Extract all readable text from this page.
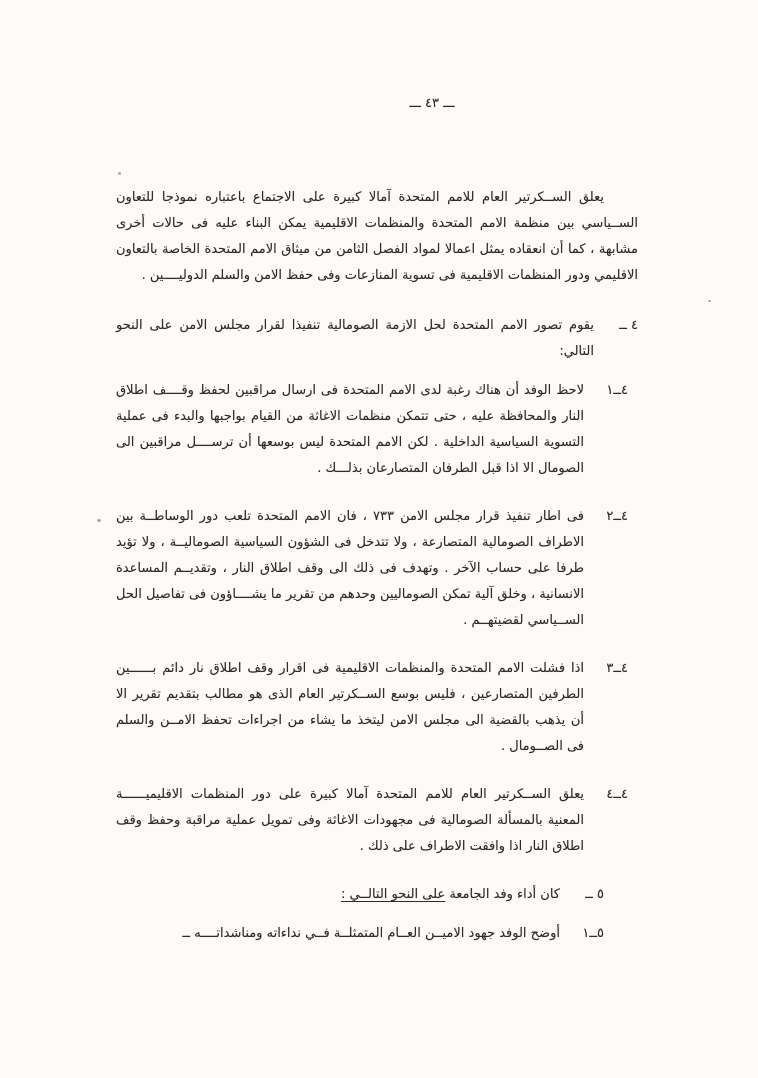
ـــ ٤٣ ـــ

يعلق الســكرتير العام للامم المتحدة آمالا كبيرة على الاجتماع باعتباره نموذجا للتعاون الســياسي بين منظمة الامم المتحدة والمنظمات الاقليمية يمكن البناء عليه فى حالات أخرى مشابهة ، كما أن انعقاده يمثل اعمالا لمواد الفصل الثامن من ميثاق الامم المتحدة الخاصة بالتعاون الاقليمي ودور المنظمات الاقليمية فى تسوية المنازعات وفى حفظ الامن والسلم الدوليــــين .

٤ ــ

يقوم تصور الامم المتحدة لحل الازمة الصومالية تنفيذا لقرار مجلس الامن على النحو التالي:

٤ــ١

لاحظ الوفد أن هناك رغبة لدى الامم المتحدة فى ارسال مراقبين لحفظ وقــــف اطلاق النار والمحافظة عليه ، حتى تتمكن منظمات الاغاثة من القيام بواجبها والبدء فى عملية التسوية السياسية الداخلية . لكن الامم المتحدة ليس بوسعها أن ترســــل مراقبين الى الصومال الا اذا قبل الطرفان المتصارعان بذلـــك .

٤ــ٢

فى اطار تنفيذ قرار مجلس الامن ٧٣٣ ، فان الامم المتحدة تلعب دور الوساطــة بين الاطراف الصومالية المتصارعة ، ولا تتدخل فى الشؤون السياسية الصوماليــة ، ولا تؤيد طرفا على حساب الآخر . وتهدف فى ذلك الى وقف اطلاق النار ، وتقديــم المساعدة الانسانية ، وخلق آلية تمكن الصوماليين وحدهم من تقرير ما يشــــاؤون فى تفاصيل الحل الســياسي لقضيتهــم .

٤ــ٣

اذا فشلت الامم المتحدة والمنظمات الاقليمية فى اقرار وقف اطلاق نار دائم بــــــين الطرفين المتصارعين ، فليس بوسع الســكرتير العام الذى هو مطالب بتقديم تقرير الا أن يذهب بالقضية الى مجلس الامن ليتخذ ما يشاء من اجراءات تحفظ الامــن والسلم فى الصــومال .

٤ــ٤

يعلق الســكرتير العام للامم المتحدة آمالا كبيرة على دور المنظمات الاقليميــــــة المعنية بالمسألة الصومالية فى مجهودات الاغاثة وفى تمويل عملية مراقبة وحفظ وقف اطلاق النار اذا وافقت الاطراف على ذلك .

٥ ــ

كان أداء وفد الجامعة على النحو التالــي :

٥ــ١

أوضح الوفد جهود الاميــن العــام المتمثلــة فــي نداءاته ومناشداتــــه ــ
